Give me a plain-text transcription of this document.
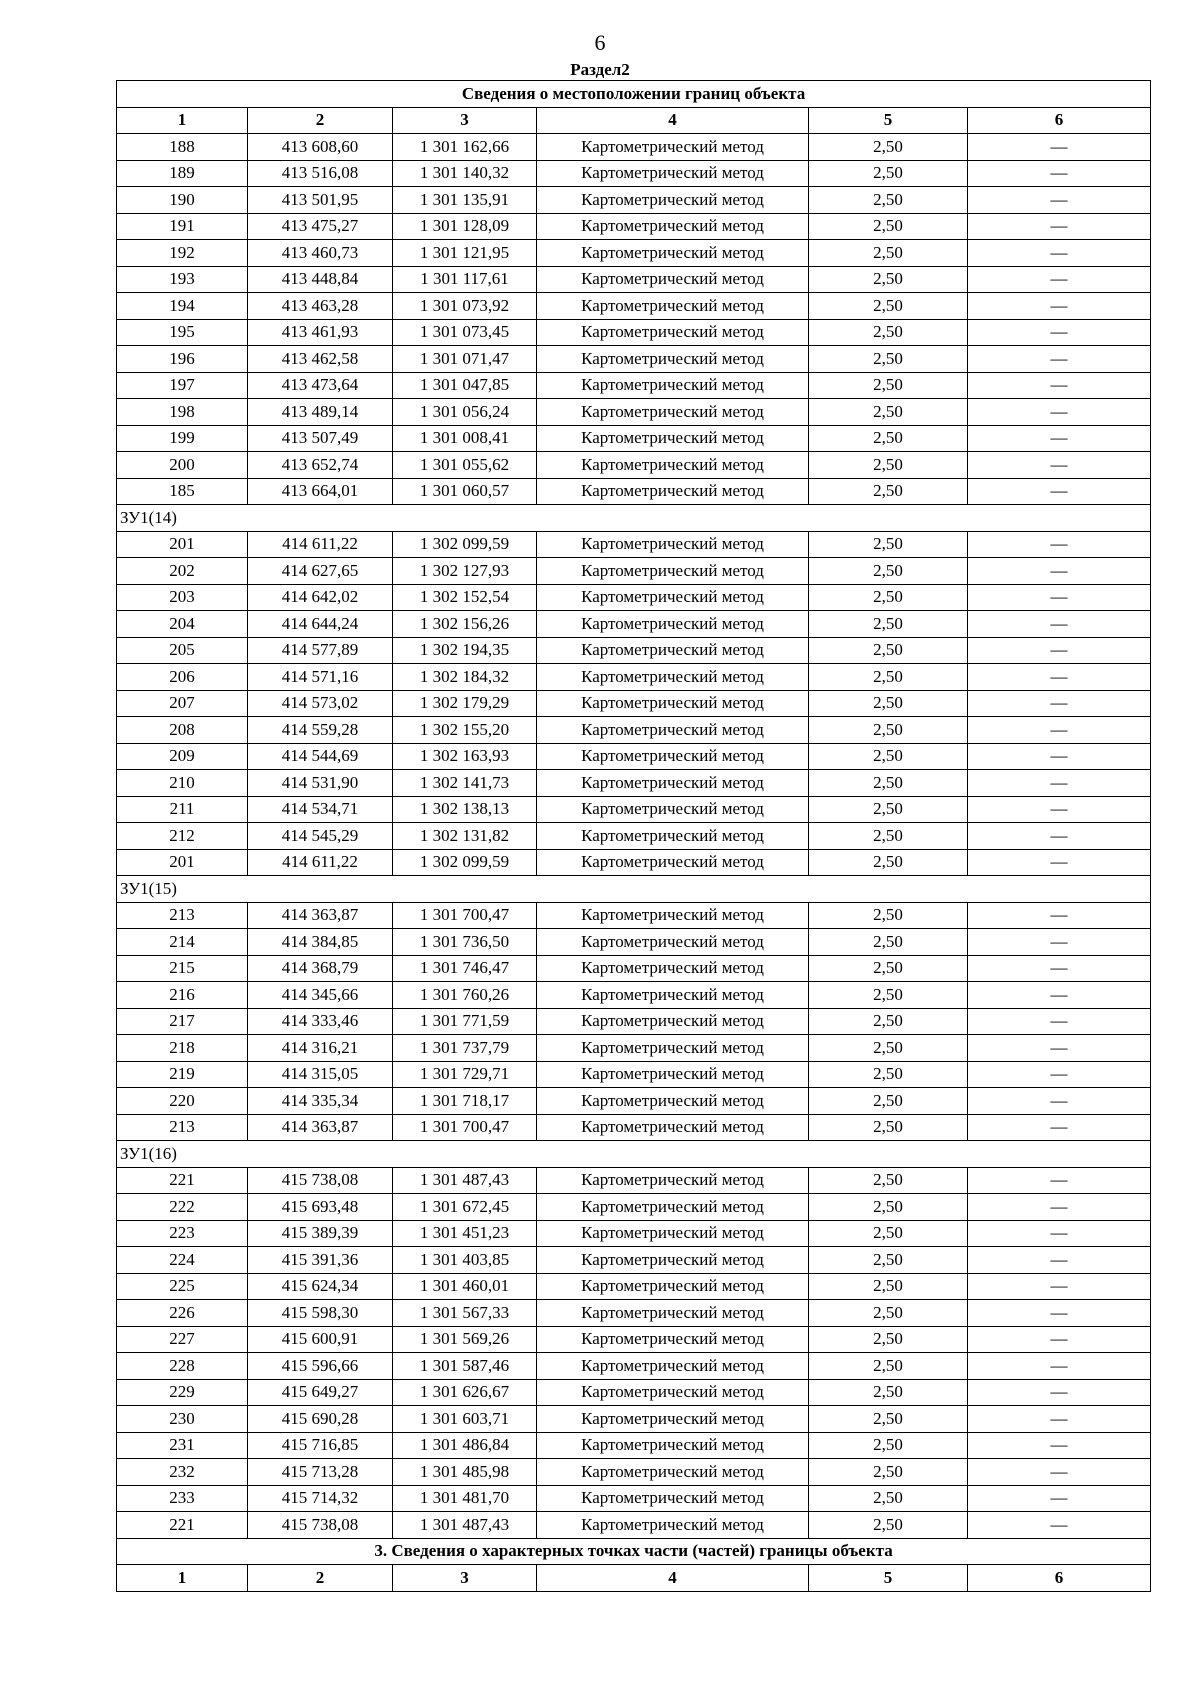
6
Раздел2
Сведения о местоположении границ объекта					
1	2	3	4	5	6
188	413 608,60	1 301 162,66	Картометрический метод	2,50	—
189	413 516,08	1 301 140,32	Картометрический метод	2,50	—
190	413 501,95	1 301 135,91	Картометрический метод	2,50	—
191	413 475,27	1 301 128,09	Картометрический метод	2,50	—
192	413 460,73	1 301 121,95	Картометрический метод	2,50	—
193	413 448,84	1 301 117,61	Картометрический метод	2,50	—
194	413 463,28	1 301 073,92	Картометрический метод	2,50	—
195	413 461,93	1 301 073,45	Картометрический метод	2,50	—
196	413 462,58	1 301 071,47	Картометрический метод	2,50	—
197	413 473,64	1 301 047,85	Картометрический метод	2,50	—
198	413 489,14	1 301 056,24	Картометрический метод	2,50	—
199	413 507,49	1 301 008,41	Картометрический метод	2,50	—
200	413 652,74	1 301 055,62	Картометрический метод	2,50	—
185	413 664,01	1 301 060,57	Картометрический метод	2,50	—
ЗУ1(14)					
201	414 611,22	1 302 099,59	Картометрический метод	2,50	—
202	414 627,65	1 302 127,93	Картометрический метод	2,50	—
203	414 642,02	1 302 152,54	Картометрический метод	2,50	—
204	414 644,24	1 302 156,26	Картометрический метод	2,50	—
205	414 577,89	1 302 194,35	Картометрический метод	2,50	—
206	414 571,16	1 302 184,32	Картометрический метод	2,50	—
207	414 573,02	1 302 179,29	Картометрический метод	2,50	—
208	414 559,28	1 302 155,20	Картометрический метод	2,50	—
209	414 544,69	1 302 163,93	Картометрический метод	2,50	—
210	414 531,90	1 302 141,73	Картометрический метод	2,50	—
211	414 534,71	1 302 138,13	Картометрический метод	2,50	—
212	414 545,29	1 302 131,82	Картометрический метод	2,50	—
201	414 611,22	1 302 099,59	Картометрический метод	2,50	—
ЗУ1(15)					
213	414 363,87	1 301 700,47	Картометрический метод	2,50	—
214	414 384,85	1 301 736,50	Картометрический метод	2,50	—
215	414 368,79	1 301 746,47	Картометрический метод	2,50	—
216	414 345,66	1 301 760,26	Картометрический метод	2,50	—
217	414 333,46	1 301 771,59	Картометрический метод	2,50	—
218	414 316,21	1 301 737,79	Картометрический метод	2,50	—
219	414 315,05	1 301 729,71	Картометрический метод	2,50	—
220	414 335,34	1 301 718,17	Картометрический метод	2,50	—
213	414 363,87	1 301 700,47	Картометрический метод	2,50	—
ЗУ1(16)					
221	415 738,08	1 301 487,43	Картометрический метод	2,50	—
222	415 693,48	1 301 672,45	Картометрический метод	2,50	—
223	415 389,39	1 301 451,23	Картометрический метод	2,50	—
224	415 391,36	1 301 403,85	Картометрический метод	2,50	—
225	415 624,34	1 301 460,01	Картометрический метод	2,50	—
226	415 598,30	1 301 567,33	Картометрический метод	2,50	—
227	415 600,91	1 301 569,26	Картометрический метод	2,50	—
228	415 596,66	1 301 587,46	Картометрический метод	2,50	—
229	415 649,27	1 301 626,67	Картометрический метод	2,50	—
230	415 690,28	1 301 603,71	Картометрический метод	2,50	—
231	415 716,85	1 301 486,84	Картометрический метод	2,50	—
232	415 713,28	1 301 485,98	Картометрический метод	2,50	—
233	415 714,32	1 301 481,70	Картометрический метод	2,50	—
221	415 738,08	1 301 487,43	Картометрический метод	2,50	—
3. Сведения о характерных точках части (частей) границы объекта					
1	2	3	4	5	6
